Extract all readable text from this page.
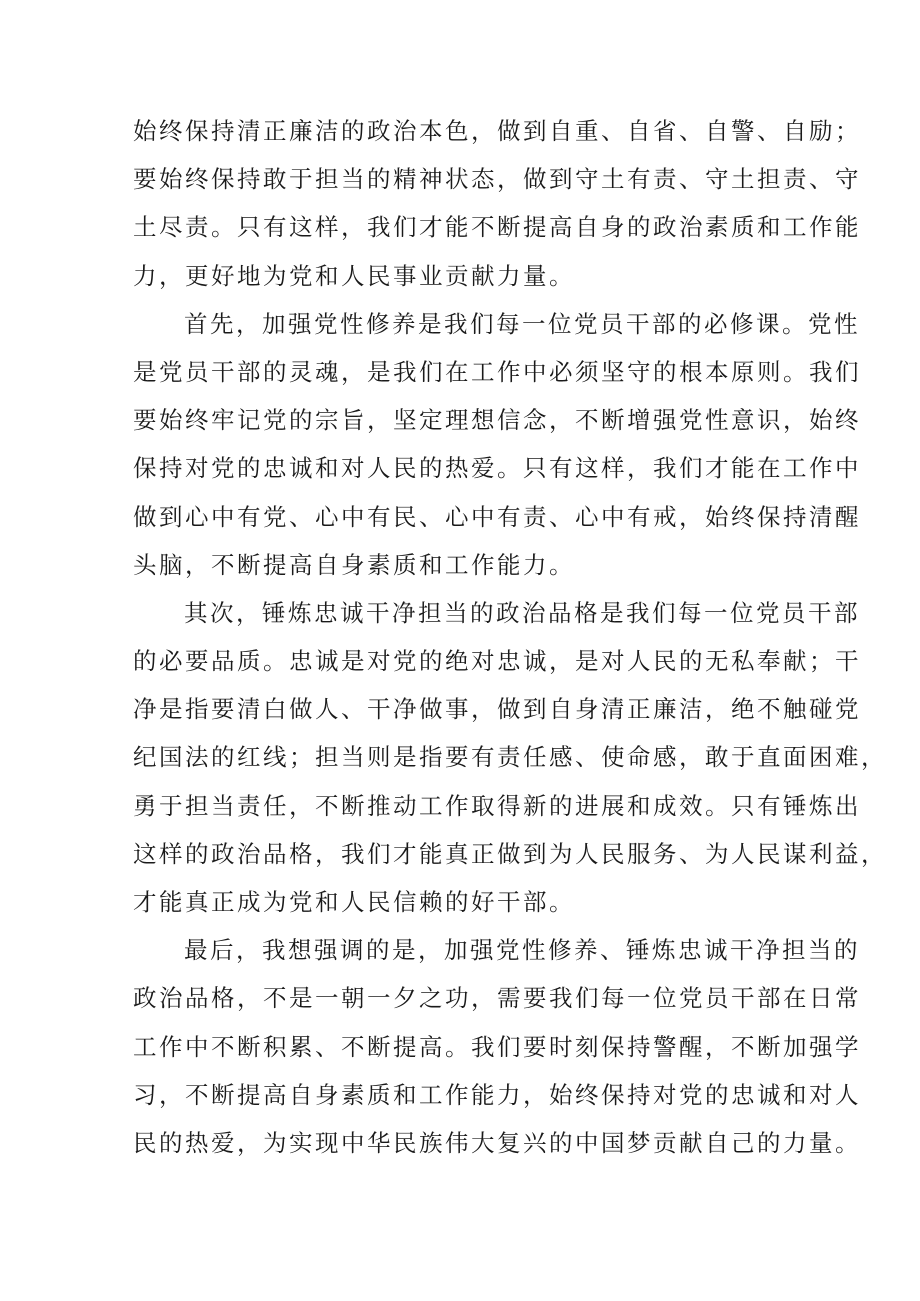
始终保持清正廉洁的政治本色，做到自重、自省、自警、自励；
要始终保持敢于担当的精神状态，做到守土有责、守土担责、守
土尽责。只有这样，我们才能不断提高自身的政治素质和工作能
力，更好地为党和人民事业贡献力量。
首先，加强党性修养是我们每一位党员干部的必修课。党性
是党员干部的灵魂，是我们在工作中必须坚守的根本原则。我们
要始终牢记党的宗旨，坚定理想信念，不断增强党性意识，始终
保持对党的忠诚和对人民的热爱。只有这样，我们才能在工作中
做到心中有党、心中有民、心中有责、心中有戒，始终保持清醒
头脑，不断提高自身素质和工作能力。
其次，锤炼忠诚干净担当的政治品格是我们每一位党员干部
的必要品质。忠诚是对党的绝对忠诚，是对人民的无私奉献；干
净是指要清白做人、干净做事，做到自身清正廉洁，绝不触碰党
纪国法的红线；担当则是指要有责任感、使命感，敢于直面困难，
勇于担当责任，不断推动工作取得新的进展和成效。只有锤炼出
这样的政治品格，我们才能真正做到为人民服务、为人民谋利益，
才能真正成为党和人民信赖的好干部。
最后，我想强调的是，加强党性修养、锤炼忠诚干净担当的
政治品格，不是一朝一夕之功，需要我们每一位党员干部在日常
工作中不断积累、不断提高。我们要时刻保持警醒，不断加强学
习，不断提高自身素质和工作能力，始终保持对党的忠诚和对人
民的热爱，为实现中华民族伟大复兴的中国梦贡献自己的力量。
